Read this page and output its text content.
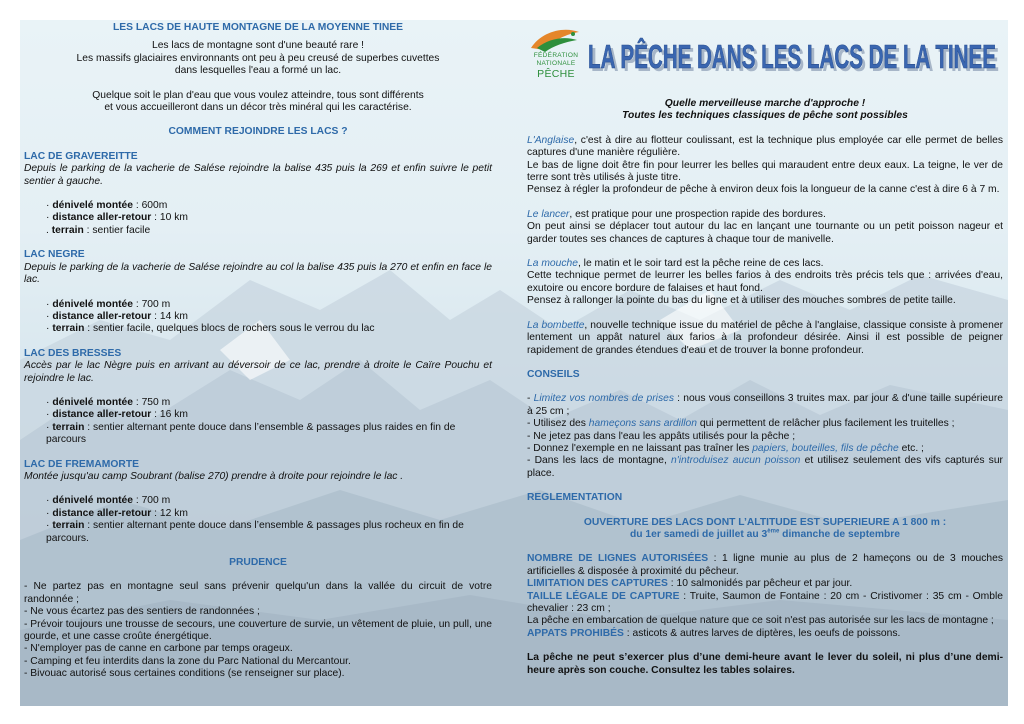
LES LACS DE HAUTE MONTAGNE DE LA MOYENNE TINEE

Les lacs de montagne sont d'une beauté rare !

Les massifs glaciaires environnants ont peu à peu creusé de superbes cuvettes

dans lesquelles l'eau a formé un lac.

Quelque soit le plan d'eau que vous voulez atteindre, tous sont différents

et vous accueilleront dans un décor très minéral qui les caractérise.

COMMENT REJOINDRE LES LACS ?

LAC DE GRAVEREITTE

Depuis le parking de la vacherie de Salése rejoindre la balise 435 puis la 269 et enfin suivre le petit sentier à gauche.

· dénivelé montée : 600m

· distance aller-retour : 10 km

. terrain : sentier facile

LAC NEGRE

Depuis le parking de la vacherie de Salése rejoindre au col la balise 435 puis la 270 et enfin en face le lac.

· dénivelé montée : 700 m

· distance aller-retour : 14 km

· terrain : sentier facile, quelques blocs de rochers sous le verrou du lac

LAC DES BRESSES

Accès par le lac Nègre puis en arrivant au déversoir de ce lac, prendre à droite le Caïre Pouchu et rejoindre le lac.

· dénivelé montée : 750 m

· distance aller-retour : 16 km

· terrain : sentier alternant pente douce dans l’ensemble & passages plus raides en fin de parcours

LAC DE FREMAMORTE

Montée jusqu'au camp Soubrant (balise 270) prendre à droite pour rejoindre le lac .

· dénivelé montée : 700 m

· distance aller-retour : 12 km

· terrain : sentier alternant pente douce dans l’ensemble & passages plus rocheux en fin de parcours.

PRUDENCE

- Ne partez pas en montagne seul sans prévenir quelqu'un dans la vallée du circuit de votre randonnée ;

- Ne vous écartez pas des sentiers de randonnées ;

- Prévoir toujours une trousse de secours, une couverture de survie, un vêtement de pluie, un pull, une gourde, et une casse croûte énergétique.

- N'employer pas de canne en carbone par temps orageux.

- Camping et feu interdits dans la zone du Parc National du Mercantour.

- Bivouac autorisé sous certaines conditions (se renseigner sur place).

FÉDÉRATION
NATIONALE
PÊCHE LA PÊCHE DANS LES LACS DE LA TINEE
LA PÊCHE DANS LES LACS DE LA TINEE

Quelle merveilleuse marche d'approche !

Toutes les techniques classiques de pêche sont possibles

L'Anglaise, c'est à dire au flotteur coulissant, est la technique plus employée car elle permet de belles captures d'une manière régulière.

Le bas de ligne doit être fin pour leurrer les belles qui maraudent entre deux eaux. La teigne, le ver de terre sont très utilisés à juste titre.

Pensez à régler la profondeur de pêche à environ deux fois la longueur de la canne c'est à dire 6 à 7 m.

Le lancer, est pratique pour une prospection rapide des bordures.

On peut ainsi se déplacer tout autour du lac en lançant une tournante ou un petit poisson nageur et garder toutes ses chances de captures à chaque tour de manivelle.

La mouche, le matin et le soir tard est la pêche reine de ces lacs.

Cette technique permet de leurrer les belles farios à des endroits très précis tels que : arrivées d'eau, exutoire ou encore bordure de falaises et haut fond.

Pensez à rallonger la pointe du bas du ligne et à utiliser des mouches sombres de petite taille.

La bombette, nouvelle technique issue du matériel de pêche à l'anglaise, classique consiste à promener lentement un appât naturel aux farios à la profondeur désirée. Ainsi il est possible de peigner rapidement de grandes étendues d'eau et de trouver la bonne profondeur.

CONSEILS

- Limitez vos nombres de prises : nous vous conseillons 3 truites max. par jour & d'une taille supérieure à 25 cm ;

- Utilisez des hameçons sans ardillon qui permettent de relâcher plus facilement les truitelles ;

- Ne jetez pas dans l'eau les appâts utilisés pour la pêche ;

- Donnez l'exemple en ne laissant pas traîner les papiers, bouteilles, fils de pêche etc. ;

- Dans les lacs de montagne, n'introduisez aucun poisson et utilisez seulement des vifs capturés sur place.

REGLEMENTATION

OUVERTURE DES LACS DONT L’ALTITUDE EST SUPERIEURE A 1 800 m :

du 1er samedi de juillet au 3ème dimanche de septembre

NOMBRE DE LIGNES AUTORISÉES : 1 ligne munie au plus de 2 hameçons ou de 3 mouches artificielles & disposée à proximité du pêcheur.

LIMITATION DES CAPTURES : 10 salmonidés par pêcheur et par jour.

TAILLE LÉGALE DE CAPTURE : Truite, Saumon de Fontaine : 20 cm - Cristivomer : 35 cm - Omble chevalier : 23 cm ;

La pêche en embarcation de quelque nature que ce soit n'est pas autorisée sur les lacs de montagne ;

APPATS PROHIBÉS : asticots & autres larves de diptères, les oeufs de poissons.

La pêche ne peut s’exercer plus d’une demi-heure avant le lever du soleil, ni plus d’une demi-heure après son couche. Consultez les tables solaires.
